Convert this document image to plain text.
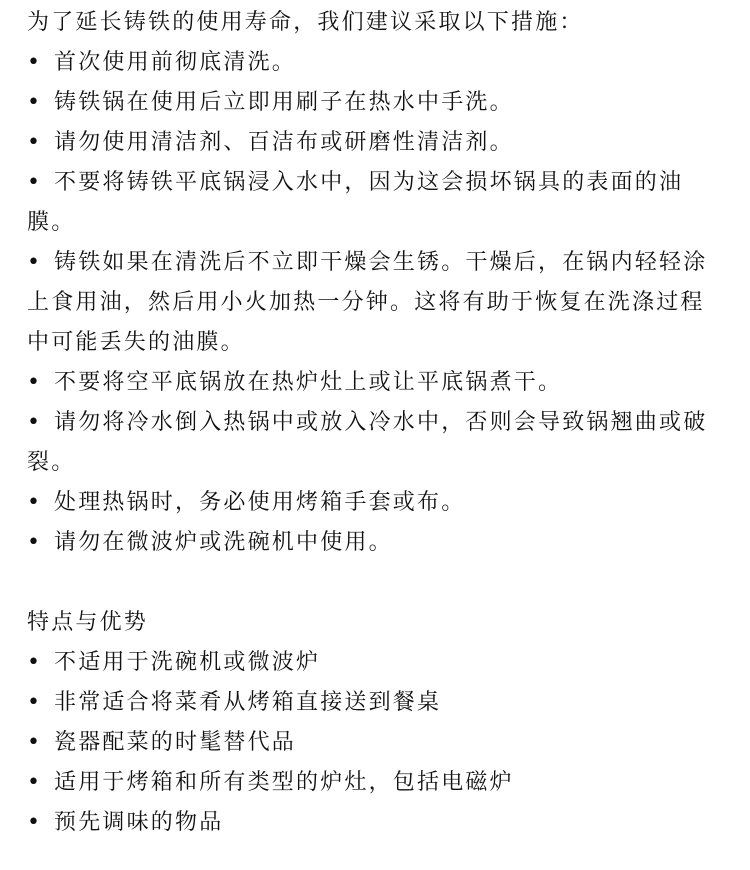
为了延长铸铁的使用寿命，我们建议采取以下措施：
• 首次使用前彻底清洗。
• 铸铁锅在使用后立即用刷子在热水中手洗。
• 请勿使用清洁剂、百洁布或研磨性清洁剂。
• 不要将铸铁平底锅浸入水中，因为这会损坏锅具的表面的油膜。
• 铸铁如果在清洗后不立即干燥会生锈。干燥后，在锅内轻轻涂上食用油，然后用小火加热一分钟。这将有助于恢复在洗涤过程中可能丢失的油膜。
• 不要将空平底锅放在热炉灶上或让平底锅煮干。
• 请勿将冷水倒入热锅中或放入冷水中，否则会导致锅翘曲或破裂。
• 处理热锅时，务必使用烤箱手套或布。
• 请勿在微波炉或洗碗机中使用。
特点与优势
• 不适用于洗碗机或微波炉
• 非常适合将菜肴从烤箱直接送到餐桌
• 瓷器配菜的时髦替代品
• 适用于烤箱和所有类型的炉灶，包括电磁炉
• 预先调味的物品
